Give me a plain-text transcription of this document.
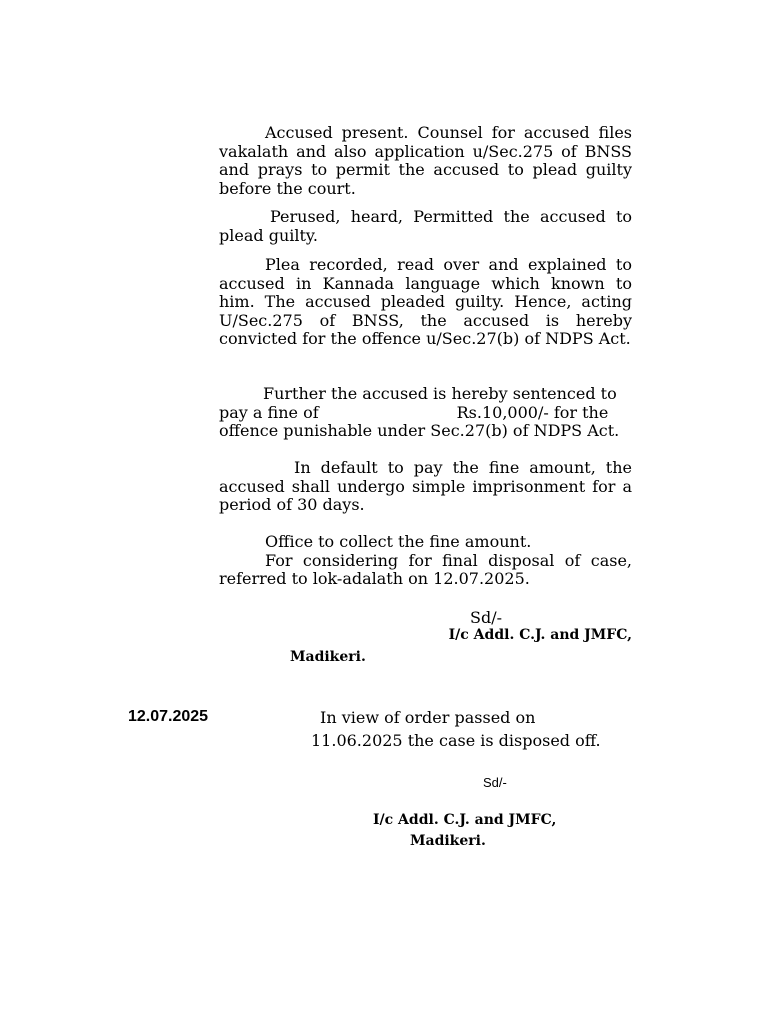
Accused present. Counsel for accused files vakalath and also application u/Sec.275 of BNSS and prays to permit the accused to plead guilty before the court.

Perused, heard, Permitted the accused to plead guilty.

Plea recorded, read over and explained to accused in Kannada language which known to him. The accused pleaded guilty. Hence, acting U/Sec.275 of BNSS, the accused is hereby convicted for the offence u/Sec.27(b) of NDPS Act.

Further the accused is hereby sentenced to
pay a fine of	Rs.10,000/- for the
offence punishable under Sec.27(b) of NDPS Act.

In default to pay the fine amount, the accused shall undergo simple imprisonment for a period of 30 days.

Office to collect the fine amount.

For considering for final disposal of case, referred to lok-adalath on 12.07.2025.

Sd/-
I/c Addl. C.J. and JMFC,
Madikeri.
12.07.2025	In view of order passed on
11.06.2025 the case is disposed off.
Sd/-
I/c Addl. C.J. and JMFC,
Madikeri.
